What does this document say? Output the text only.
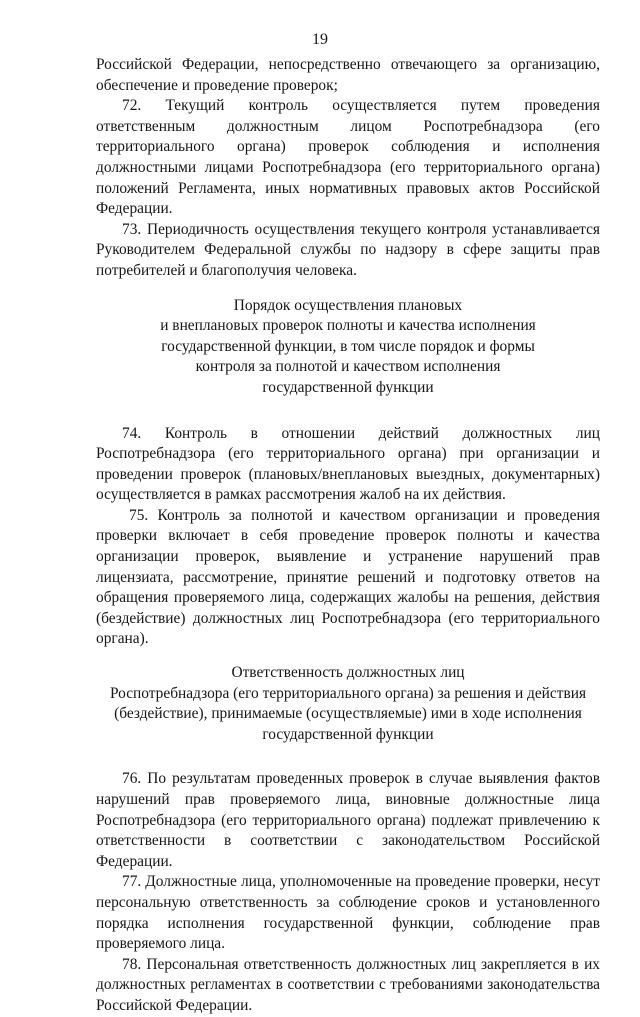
19

Российской Федерации, непосредственно отвечающего за организацию, обеспечение и проведение проверок;

72. Текущий контроль осуществляется путем проведения ответственным должностным лицом Роспотребнадзора (его территориального органа) проверок соблюдения и исполнения должностными лицами Роспотребнадзора (его территориального органа) положений Регламента, иных нормативных правовых актов Российской Федерации.

73. Периодичность осуществления текущего контроля устанавливается Руководителем Федеральной службы по надзору в сфере защиты прав потребителей и благополучия человека.

Порядок осуществления плановых
и внеплановых проверок полноты и качества исполнения
государственной функции, в том числе порядок и формы
контроля за полнотой и качеством исполнения
государственной функции

74. Контроль в отношении действий должностных лиц Роспотребнадзора (его территориального органа) при организации и проведении проверок (плановых/внеплановых выездных, документарных) осуществляется в рамках рассмотрения жалоб на их действия.

75. Контроль за полнотой и качеством организации и проведения проверки включает в себя проведение проверок полноты и качества организации проверок, выявление и устранение нарушений прав лицензиата, рассмотрение, принятие решений и подготовку ответов на обращения проверяемого лица, содержащих жалобы на решения, действия (бездействие) должностных лиц Роспотребнадзора (его территориального органа).

Ответственность должностных лиц
Роспотребнадзора (его территориального органа) за решения и действия
(бездействие), принимаемые (осуществляемые) ими в ходе исполнения
государственной функции

76. По результатам проведенных проверок в случае выявления фактов нарушений прав проверяемого лица, виновные должностные лица Роспотребнадзора (его территориального органа) подлежат привлечению к ответственности в соответствии с законодательством Российской Федерации.

77. Должностные лица, уполномоченные на проведение проверки, несут персональную ответственность за соблюдение сроков и установленного порядка исполнения государственной функции, соблюдение прав проверяемого лица.

78. Персональная ответственность должностных лиц закрепляется в их должностных регламентах в соответствии с требованиями законодательства Российской Федерации.
